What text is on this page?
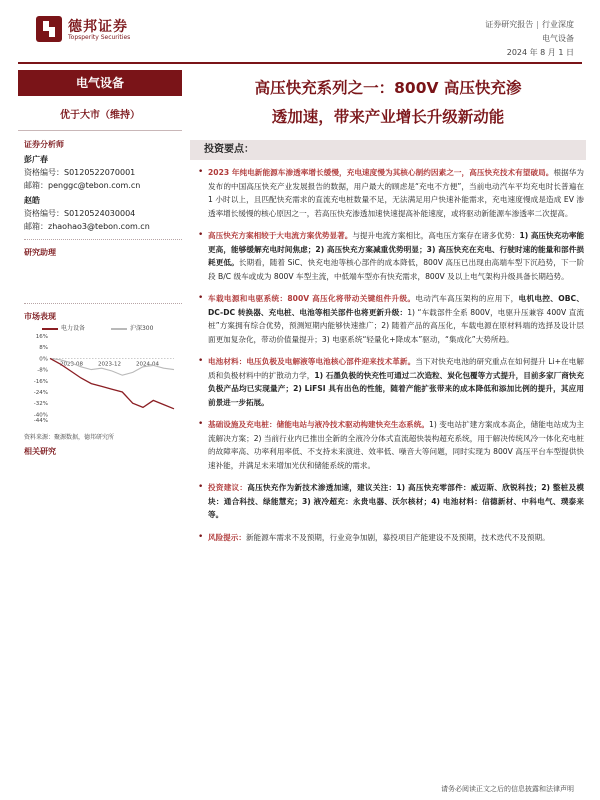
德邦证券
Topsperity Securities
证券研究报告 | 行业深度
电气设备
2024 年 8 月 1 日
电气设备
优于大市（维持）
证券分析师
彭广春
资格编号：S0120522070001
邮箱：penggc@tebon.com.cn
赵皓
资格编号：S0120524030004
邮箱：zhaohao3@tebon.com.cn
研究助理
市场表现
电力设备	沪深300
16%
8%
0%
-8%
-16%
-24%
-32%
-40%
-44%
2023-08	2023-12	2024-04
资料来源：聚源数据，德邦研究所
相关研究
高压快充系列之一：800V 高压快充渗
透加速，带来产业增长升级新动能
投资要点：
• 2023 年纯电新能源车渗透率增长缓慢，充电速度慢为其核心制约因素之一，高压快充技术有望破局。根据华为发布的中国高压快充产业发展报告的数据，用户最大的顾虑是“充电不方便”，当前电动汽车平均充电时长普遍在 1 小时以上，且匹配快充需求的直流充电桩数量不足，无法满足用户快速补能需求，充电速度慢成是造成 EV 渗透率增长缓慢的核心原因之一，若高压快充渗透加速快速提高补能速度，或将驱动新能源车渗透率二次提高。
• 高压快充方案相较于大电流方案优势显著。与提升电流方案相比，高电压方案存在诸多优势：1) 高压快充功率能更高，能够缓解充电时间焦虑；2) 高压快充方案减重优势明显；3) 高压快充在充电、行驶时速的能量和部件损耗更低。长期看，随着 SiC、快充电池等核心部件的成本降低，800V 高压已出现由高端车型下沉趋势，下一阶段 B/C 级车或成为 800V 车型主流，中低端车型亦有快充需求，800V 及以上电气架构升级具备长期趋势。
• 车载电源和电驱系统：800V 高压化将带动关键组件升级。电动汽车高压架构的应用下，电机电控、OBC、DC-DC 转换器、充电桩、电池等相关部件也将更新升级：1) “车载部件全系 800V，电驱升压兼容 400V 直流桩”方案拥有综合优势，预测短期内能够快速推广；2) 随着产品的高压化，车载电源在原材料端的选择及设计层面更加复杂化，带动价值量提升；3) 电驱系统“轻量化+降成本”驱动，“集成化”大势所趋。
• 电池材料：电压负极及电解液等电池核心部件迎来技术革新。当下对快充电池的研究重点在如何提升 Li+在电解质和负极材料中的扩散动力学，1) 石墨负极的快充性可通过二次造粒、炭化包覆等方式提升，目前多家厂商快充负极产品均已实现量产；2) LiFSI 具有出色的性能，随着产能扩张带来的成本降低和添加比例的提升，其应用前景进一步拓展。
• 基础设施及充电桩：储能电站与液冷技术驱动构建快充生态系统。1) 变电站扩建方案成本高企，储能电站成为主流解决方案；2) 当前行业内已推出全新的全液冷分体式直流超快装构超充系统，用于解决传统风冷一体化充电桩的故障率高、功率利用率低、不支持未来演进、效率低、噪音大等问题，同时实现为 800V 高压平台车型提供快速补能，并满足未来增加光伏和储能系统的需求。
• 投资建议：高压快充作为新技术渗透加速，建议关注：1) 高压快充零部件：威迈斯、欣锐科技；2) 整桩及模块：通合科技、绿能慧充；3) 液冷超充：永贵电器、沃尔核材；4) 电池材料：信德新材、中科电气、璞泰来等。
• 风险提示：新能源车需求不及预期，行业竞争加剧，募投项目产能建设不及预期，技术迭代不及预期。
请务必阅读正文之后的信息披露和法律声明
